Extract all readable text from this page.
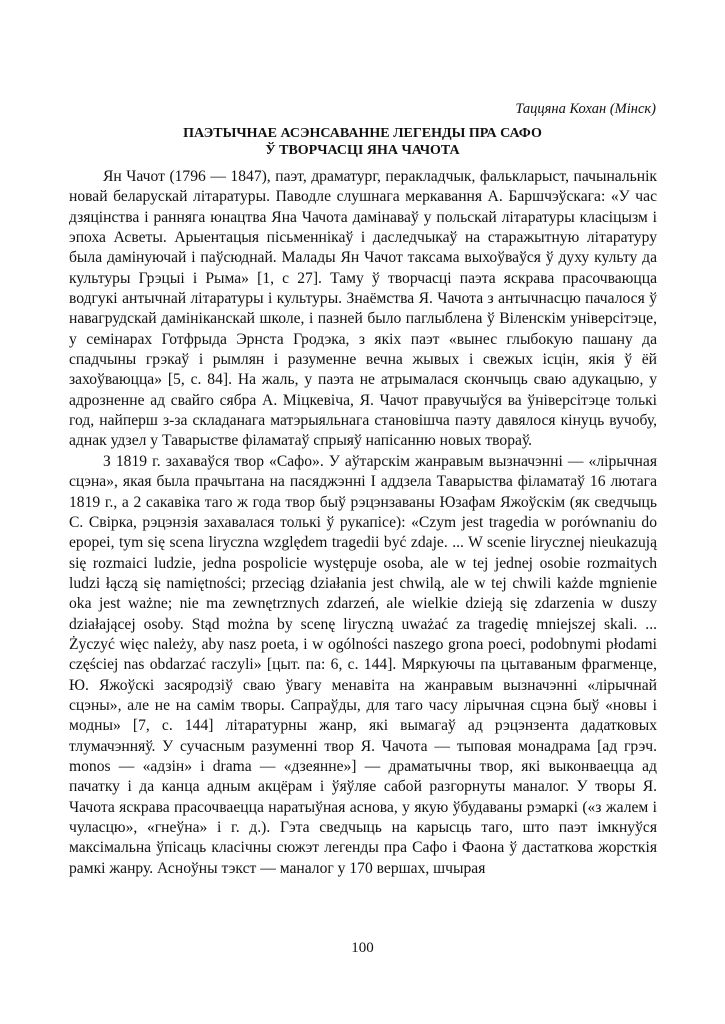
Таццяна Кохан (Мінск)
ПАЭТЫЧНАЕ АСЭНСАВАННЕ ЛЕГЕНДЫ ПРА САФО
Ў ТВОРЧАСЦІ ЯНА ЧАЧОТА

Ян Чачот (1796 — 1847), паэт, драматург, перакладчык, фалькларыст, пачынальнік новай беларускай літаратуры. Паводле слушнага меркавання А. Баршчэўскага: «У час дзяцінства і ранняга юнацтва Яна Чачота дамінаваў у польскай літаратуры класіцызм і эпоха Асветы. Арыентацыя пісьменнікаў і даследчыкаў на старажытную літаратуру была дамінуючай і паўсюднай. Малады Ян Чачот таксама выхоўваўся ў духу культу да культуры Грэцыі і Рыма» [1, с 27]. Таму ў творчасці паэта яскрава прасочваюцца водгукі антычнай літаратуры і культуры. Знаёмства Я. Чачота з антычнасцю пачалося ў навагрудскай дамініканскай школе, і пазней было паглыблена ў Віленскім універсітэце, у семінарах Готфрыда Эрнста Гродэка, з якіх паэт «вынес глыбокую пашану да спадчыны грэкаў і рымлян і разуменне вечна жывых і свежых ісцін, якія ў ёй захоўваюцца» [5, с. 84]. На жаль, у паэта не атрымалася скончыць сваю адукацыю, у адрозненне ад свайго сябра А. Міцкевіча, Я. Чачот правучыўся ва ўніверсітэце толькі год, найперш з-за складанага матэрыяльнага становішча паэту давялося кінуць вучобу, аднак удзел у Таварыстве філаматаў спрыяў напісанню новых твораў.

З 1819 г. захаваўся твор «Сафо». У аўтарскім жанравым вызначэнні — «лірычная сцэна», якая была прачытана на пасяджэнні I аддзела Таварыства філаматаў 16 лютага 1819 г., а 2 сакавіка таго ж года твор быў рэцэнзаваны Юзафам Яжоўскім (як сведчыць С. Свірка, рэцэнзія захавалася толькі ў рукапісе): «Czym jest tragedia w porównaniu do epopei, tym się scena liryczna względem tragedii być zdaje. ... W scenie lirycznej nieukazują się rozmaici ludzie, jedna pospolicie występuje osoba, ale w tej jednej osobie rozmaitych ludzi łączą się namiętności; przeciąg działania jest chwilą, ale w tej chwili każde mgnienie oka jest ważne; nie ma zewnętrznych zdarzeń, ale wielkie dzieją się zdarzenia w duszy działającej osoby. Stąd można by scenę liryczną uważać za tragedię mniejszej skali. ... Życzyć więc należy, aby nasz poeta, i w ogólności naszego grona poeci, podobnymi płodami częściej nas obdarzać raczyli» [цыт. па: 6, с. 144]. Мяркуючы па цытаваным фрагменце, Ю. Яжоўскі засяродзіў сваю ўвагу менавіта на жанравым вызначэнні «лірычнай сцэны», але не на самім творы. Сапраўды, для таго часу лірычная сцэна быў «новы і модны» [7, с. 144] літаратурны жанр, які вымагаў ад рэцэнзента дадатковых тлумачэнняў. У сучасным разуменні твор Я. Чачота — тыповая монадрама [ад грэч. monos — «адзін» і drama — «дзеянне»] — драматычны твор, які выконваецца ад пачатку і да канца адным акцёрам і ўяўляе сабой разгорнуты маналог. У творы Я. Чачота яскрава прасочваецца наратыўная аснова, у якую ўбудаваны рэмаркі («з жалем і чуласцю», «гнеўна» і г. д.). Гэта сведчыць на карысць таго, што паэт імкнуўся максімальна ўпісаць класічны сюжэт легенды пра Сафо і Фаона ў дастаткова жорсткія рамкі жанру. Асноўны тэкст — маналог у 170 вершах, шчырая

100
